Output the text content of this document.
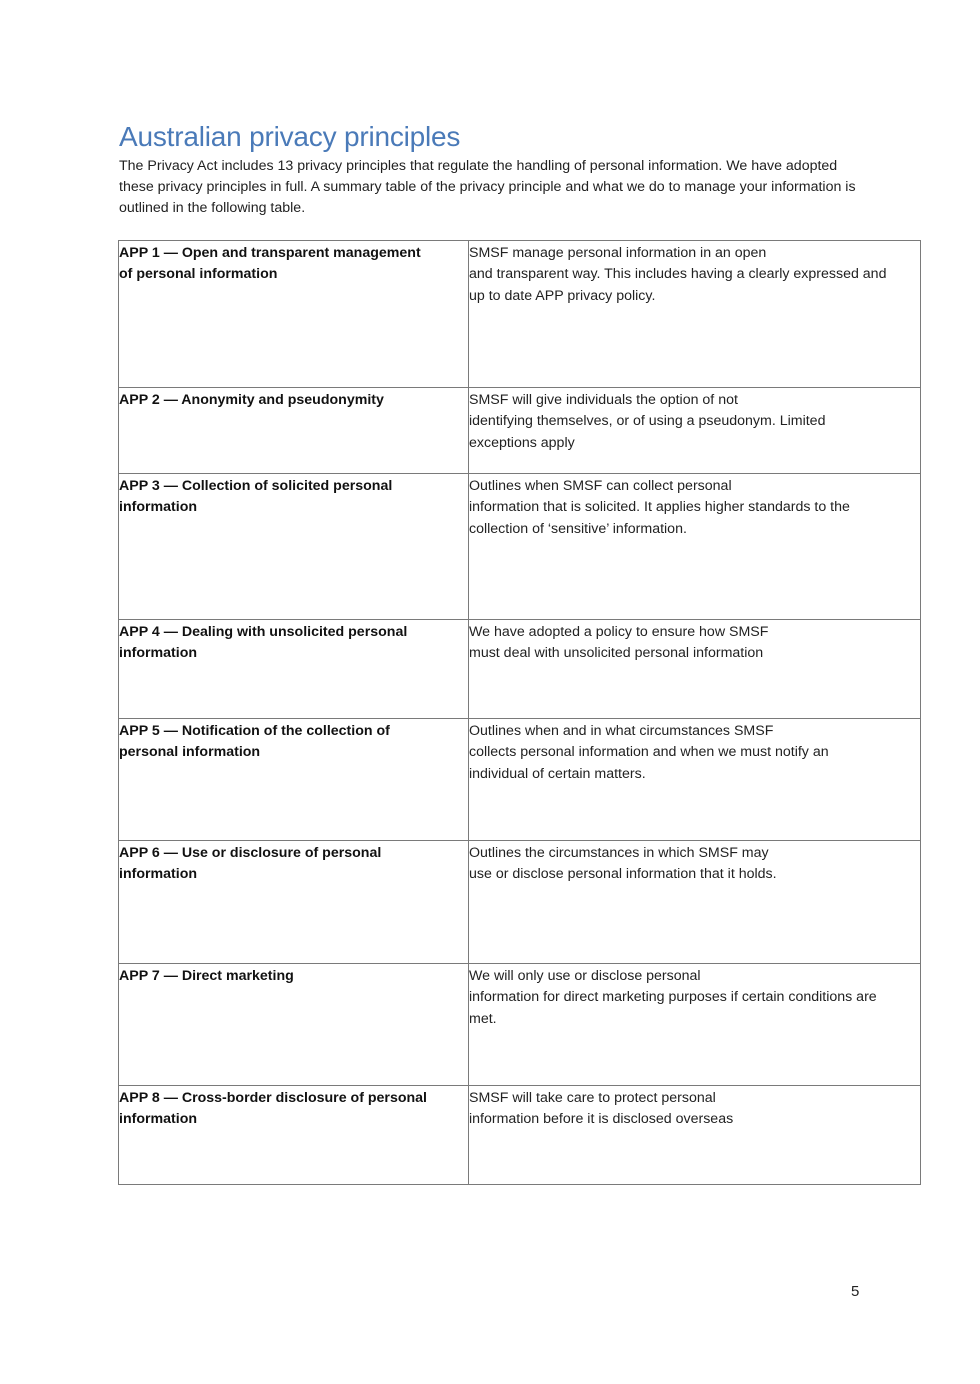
Australian privacy principles

The Privacy Act includes 13 privacy principles that regulate the handling of personal information. We have adopted these privacy principles in full. A summary table of the privacy principle and what we do to manage your information is outlined in the following table.

APP 1 — Open and transparent management
of personal information	SMSF manage personal information in an open
and transparent way. This includes having a clearly expressed and
up to date APP privacy policy.

APP 2 — Anonymity and pseudonymity	SMSF will give individuals the option of not
identifying themselves, or of using a pseudonym. Limited
exceptions apply

APP 3 — Collection of solicited personal
information	Outlines when SMSF can collect personal
information that is solicited. It applies higher standards to the
collection of ‘sensitive’ information.

APP 4 — Dealing with unsolicited personal
information	We have adopted a policy to ensure how SMSF
must deal with unsolicited personal information

APP 5 — Notification of the collection of
personal information	Outlines when and in what circumstances SMSF
collects personal information and when we must notify an
individual of certain matters.

APP 6 — Use or disclosure of personal
information	Outlines the circumstances in which SMSF may
use or disclose personal information that it holds.

APP 7 — Direct marketing	We will only use or disclose personal
information for direct marketing purposes if certain conditions are
met.

APP 8 — Cross-border disclosure of personal
information	SMSF will take care to protect personal
information before it is disclosed overseas
5
